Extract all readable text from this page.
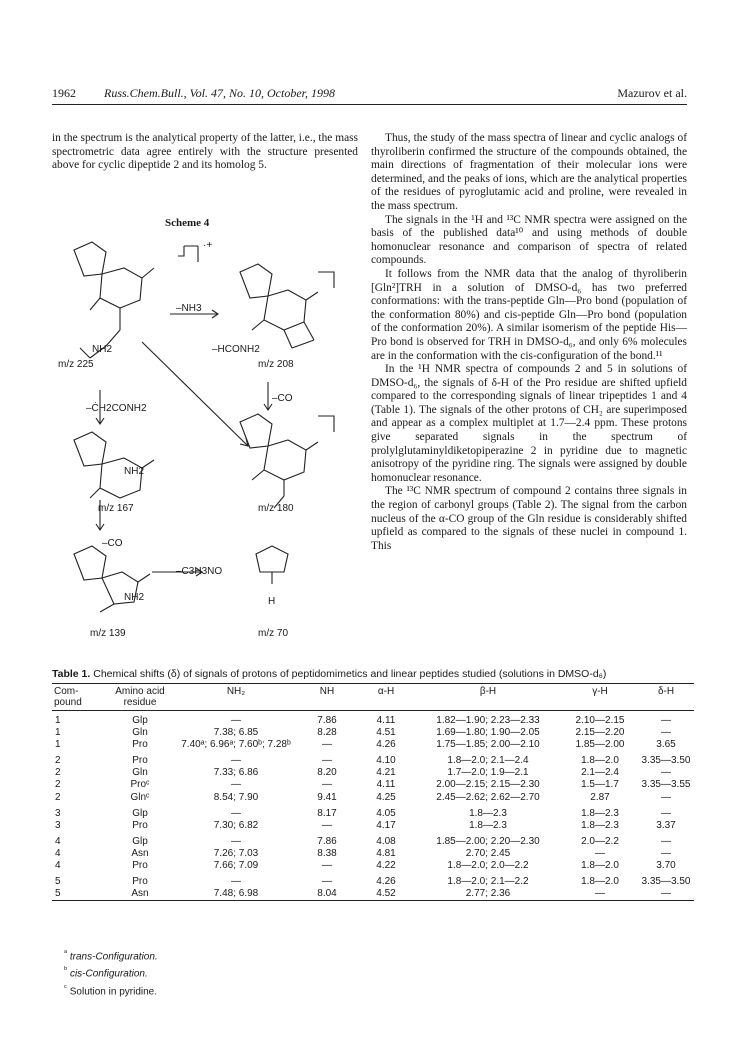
1962 Russ.Chem.Bull., Vol. 47, No. 10, October, 1998	Mazurov et al.

in the spectrum is the analytical property of the latter, i.e., the mass spectrometric data agree entirely with the structure presented above for cyclic dipeptide 2 and its homolog 5.

Scheme 4
m/z 225	m/z 208
m/z 167	m/z 180
m/z 139	m/z 70
–NH3
–HCONH2
–ĊH2CONH2
–CO
–CO
–C3H3NO
NH2
NH2
NH2	H
·+

Thus, the study of the mass spectra of linear and cyclic analogs of thyroliberin confirmed the structure of the compounds obtained, the main directions of fragmentation of their molecular ions were determined, and the peaks of ions, which are the analytical properties of the residues of pyroglutamic acid and proline, were revealed in the mass spectrum.

The signals in the ¹H and ¹³C NMR spectra were assigned on the basis of the published data¹⁰ and using methods of double homonuclear resonance and comparison of spectra of related compounds.

It follows from the NMR data that the analog of thyroliberin [Gln²]TRH in a solution of DMSO-d₆ has two preferred conformations: with the trans-peptide Gln—Pro bond (population of the conformation 80%) and cis-peptide Gln—Pro bond (population of the conformation 20%). A similar isomerism of the peptide His—Pro bond is observed for TRH in DMSO-d₆, and only 6% molecules are in the conformation with the cis-configuration of the bond.¹¹

In the ¹H NMR spectra of compounds 2 and 5 in solutions of DMSO-d₆, the signals of δ-H of the Pro residue are shifted upfield compared to the corresponding signals of linear tripeptides 1 and 4 (Table 1). The signals of the other protons of CH₂ are superimposed and appear as a complex multiplet at 1.7—2.4 ppm. These protons give separated signals in the spectrum of prolylglutaminyldiketopiperazine 2 in pyridine due to magnetic anisotropy of the pyridine ring. The signals were assigned by double homonuclear resonance.

The ¹³C NMR spectrum of compound 2 contains three signals in the region of carbonyl groups (Table 2). The signal from the carbon nucleus of the α-CO group of the Gln residue is considerably shifted upfield as compared to the signals of these nuclei in compound 1. This

Table 1. Chemical shifts (δ) of signals of protons of peptidomimetics and linear peptides studied (solutions in DMSO-d₆)
Com-
pound	Amino acid
residue	NH₂	NH	α-H	β-H	γ-H	δ-H

1	Glp	—	7.86	4.11	1.82—1.90; 2.23—2.33	2.10—2.15	—
1	Gln	7.38; 6.85	8.28	4.51	1.69—1.80; 1.90—2.05	2.15—2.20	—
1	Pro	7.40ᵃ; 6.96ᵃ; 7.60ᵇ; 7.28ᵇ	—	4.26	1.75—1.85; 2.00—2.10	1.85—2.00	3.65
2	Pro	—	—	4.10	1.8—2.0; 2.1—2.4	1.8—2.0	3.35—3.50
2	Gln	7.33; 6.86	8.20	4.21	1.7—2.0; 1.9—2.1	2.1—2.4	—
2	Proᶜ	—	—	4.11	2.00—2.15; 2.15—2.30	1.5—1.7	3.35—3.55
2	Glnᶜ	8.54; 7.90	9.41	4.25	2.45—2.62; 2.62—2.70	2.87	—
3	Glp	—	8.17	4.05	1.8—2.3	1.8—2.3	—
3	Pro	7.30; 6.82	—	4.17	1.8—2.3	1.8—2.3	3.37
4	Glp	—	7.86	4.08	1.85—2.00; 2.20—2.30	2.0—2.2	—
4	Asn	7.26; 7.03	8.38	4.81	2.70; 2.45	—	—
4	Pro	7.66; 7.09	—	4.22	1.8—2.0; 2.0—2.2	1.8—2.0	3.70
5	Pro	—	—	4.26	1.8—2.0; 2.1—2.2	1.8—2.0	3.35—3.50
5	Asn	7.48; 6.98	8.04	4.52	2.77; 2.36	—	—
$^ᵃ$ trans-Configuration.
$^ᵇ$ cis-Configuration.
$^ᶜ$ Solution in pyridine.
